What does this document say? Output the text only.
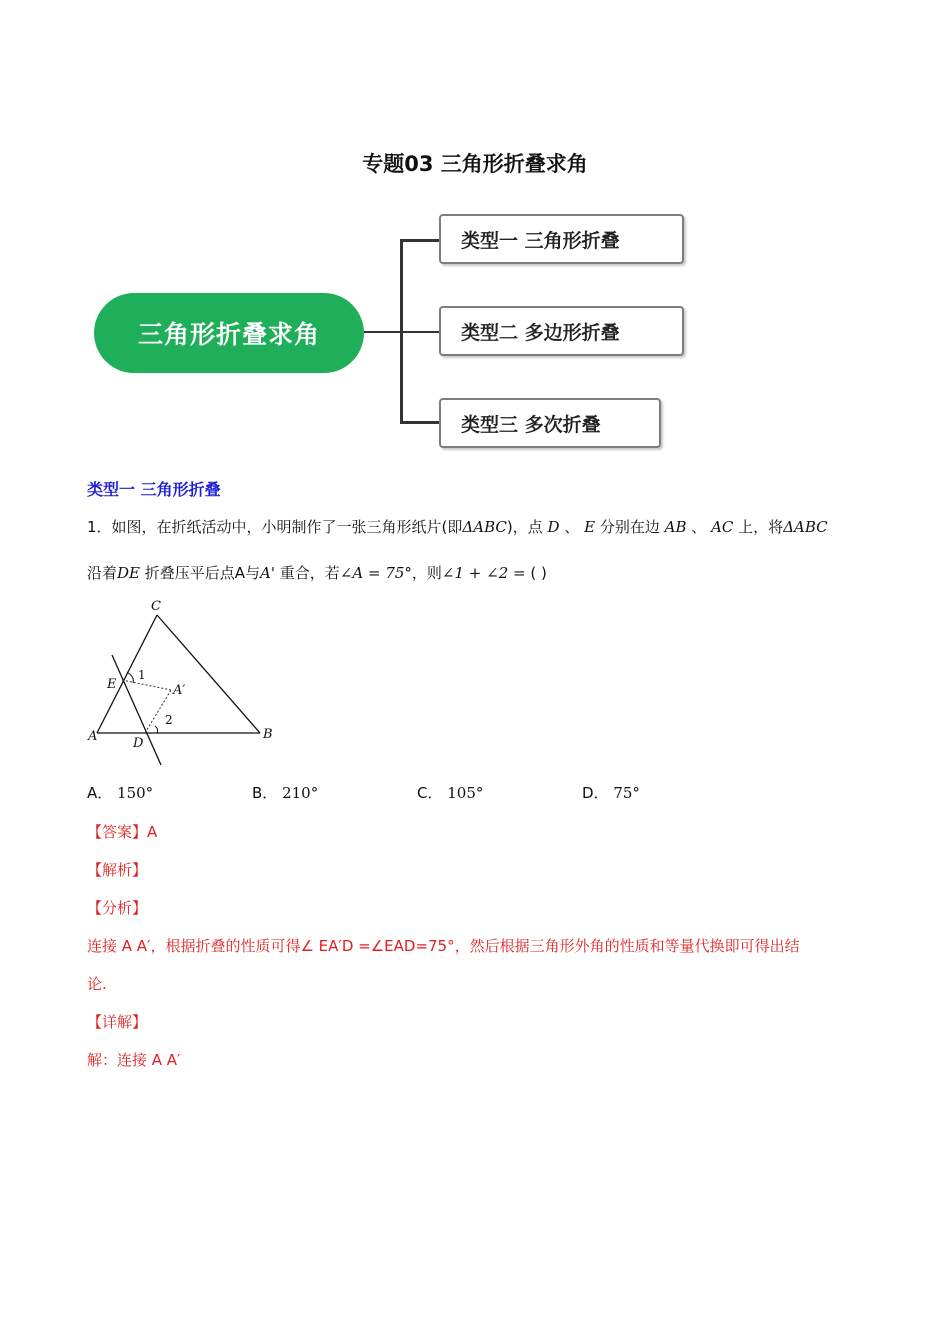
专题03 三角形折叠求角
三角形折叠求角
类型一 三角形折叠
类型二 多边形折叠
类型三 多次折叠
类型一 三角形折叠
1．如图，在折纸活动中，小明制作了一张三角形纸片(即ΔABC)，点 D 、 E 分别在边 AB 、 AC 上，将ΔABC
沿着DE 折叠压平后点A与A' 重合，若∠A = 75°，则∠1 + ∠2 = ( )
C
E
A	D
B
A′
1
2
A． 150°	B． 210°	C． 105°	D． 75°
【答案】A
【解析】
【分析】
连接 A A′，根据折叠的性质可得∠ EA′D =∠EAD=75°，然后根据三角形外角的性质和等量代换即可得出结
论.
【详解】
解：连接 A A′
